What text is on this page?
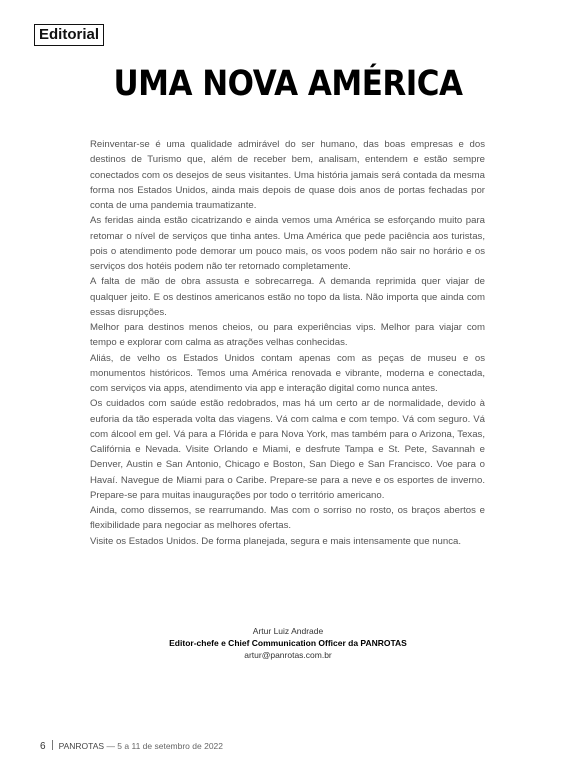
Editorial
UMA NOVA AMÉRICA

Reinventar-se é uma qualidade admirável do ser humano, das boas empresas e dos destinos de Turismo que, além de receber bem, analisam, entendem e estão sempre conectados com os desejos de seus visitantes. Uma história jamais será contada da mesma forma nos Estados Unidos, ainda mais depois de quase dois anos de portas fechadas por conta de uma pandemia traumatizante.

As feridas ainda estão cicatrizando e ainda vemos uma América se esforçando muito para retomar o nível de serviços que tinha antes. Uma América que pede paciência aos turistas, pois o atendimento pode demorar um pouco mais, os voos podem não sair no horário e os serviços dos hotéis podem não ter retornado completamente.

A falta de mão de obra assusta e sobrecarrega. A demanda reprimida quer viajar de qualquer jeito. E os destinos americanos estão no topo da lista. Não importa que ainda com essas disrupções.

Melhor para destinos menos cheios, ou para experiências vips. Melhor para viajar com tempo e explorar com calma as atrações velhas conhecidas.

Aliás, de velho os Estados Unidos contam apenas com as peças de museu e os monumentos históricos. Temos uma América renovada e vibrante, moderna e conectada, com serviços via apps, atendimento via app e interação digital como nunca antes.

Os cuidados com saúde estão redobrados, mas há um certo ar de normalidade, devido à euforia da tão esperada volta das viagens. Vá com calma e com tempo. Vá com seguro. Vá com álcool em gel. Vá para a Flórida e para Nova York, mas também para o Arizona, Texas, Califórnia e Nevada. Visite Orlando e Miami, e desfrute Tampa e St. Pete, Savannah e Denver, Austin e San Antonio, Chicago e Boston, San Diego e San Francisco. Voe para o Havaí. Navegue de Miami para o Caribe. Prepare-se para a neve e os esportes de inverno. Prepare-se para muitas inaugurações por todo o território americano.

Ainda, como dissemos, se rearrumando. Mas com o sorriso no rosto, os braços abertos e flexibilidade para negociar as melhores ofertas.

Visite os Estados Unidos. De forma planejada, segura e mais intensamente que nunca.

Artur Luiz Andrade
Editor-chefe e Chief Communication Officer da PANROTAS
artur@panrotas.com.br
6 PANROTAS — 5 a 11 de setembro de 2022
